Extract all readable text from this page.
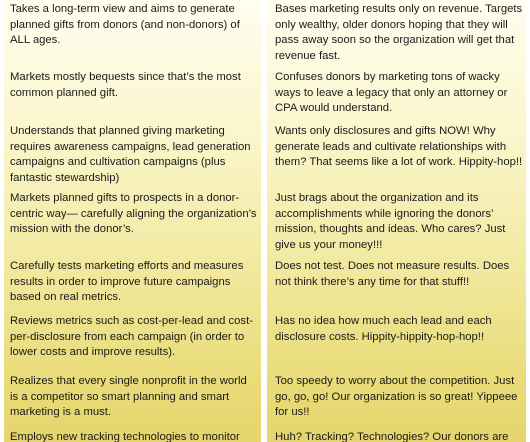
Takes a long-term view and aims to generate planned gifts from donors (and non-donors) of ALL ages.

Markets mostly bequests since that’s the most common planned gift.

Understands that planned giving marketing requires awareness campaigns, lead generation campaigns and cultivation campaigns (plus fantastic stewardship)

Markets planned gifts to prospects in a donor-centric way— carefully aligning the organization’s mission with the donor’s.

Carefully tests marketing efforts and measures results in order to improve future campaigns based on real metrics.

Reviews metrics such as cost-per-lead and cost-per-disclosure from each campaign (in order to lower costs and improve results).

Realizes that every single nonprofit in the world is a competitor so smart planning and smart marketing is a must.

Employs new tracking technologies to monitor

Bases marketing results only on revenue. Targets only wealthy, older donors hoping that they will pass away soon so the organization will get that revenue fast.

Confuses donors by marketing tons of wacky ways to leave a legacy that only an attorney or CPA would understand.

Wants only disclosures and gifts NOW! Why generate leads and cultivate relationships with them? That seems like a lot of work. Hippity-hop!!

Just brags about the organization and its accomplishments while ignoring the donors’ mission, thoughts and ideas. Who cares? Just give us your money!!!

Does not test. Does not measure results. Does not think there’s any time for that stuff!!

Has no idea how much each lead and each disclosure costs. Hippity-hippity-hop-hop!!

Too speedy to worry about the competition. Just go, go, go! Our organization is so great! Yippeee for us!!

Huh? Tracking? Technologies? Our donors are
